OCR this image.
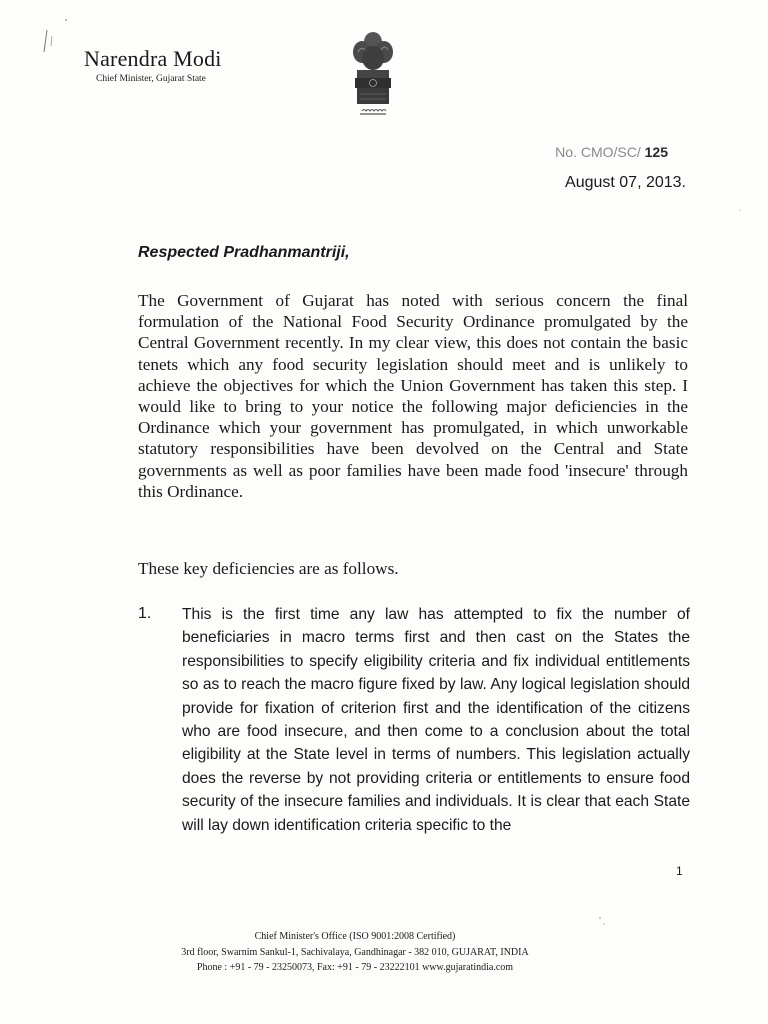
Narendra Modi
Chief Minister, Gujarat State
No. CMO/SC/ 125
August 07, 2013.
Respected Pradhanmantriji,
The Government of Gujarat has noted with serious concern the final formulation of the National Food Security Ordinance promulgated by the Central Government recently. In my clear view, this does not contain the basic tenets which any food security legislation should meet and is unlikely to achieve the objectives for which the Union Government has taken this step. I would like to bring to your notice the following major deficiencies in the Ordinance which your government has promulgated, in which unworkable statutory responsibilities have been devolved on the Central and State governments as well as poor families have been made food 'insecure' through this Ordinance.
These key deficiencies are as follows.
1. This is the first time any law has attempted to fix the number of beneficiaries in macro terms first and then cast on the States the responsibilities to specify eligibility criteria and fix individual entitlements so as to reach the macro figure fixed by law. Any logical legislation should provide for fixation of criterion first and the identification of the citizens who are food insecure, and then come to a conclusion about the total eligibility at the State level in terms of numbers. This legislation actually does the reverse by not providing criteria or entitlements to ensure food security of the insecure families and individuals. It is clear that each State will lay down identification criteria specific to the
1
Chief Minister's Office (ISO 9001:2008 Certified)
3rd floor, Swarnim Sankul-1, Sachivalaya, Gandhinagar - 382 010, GUJARAT, INDIA
Phone : +91 - 79 - 23250073, Fax: +91 - 79 - 23222101 www.gujaratindia.com
